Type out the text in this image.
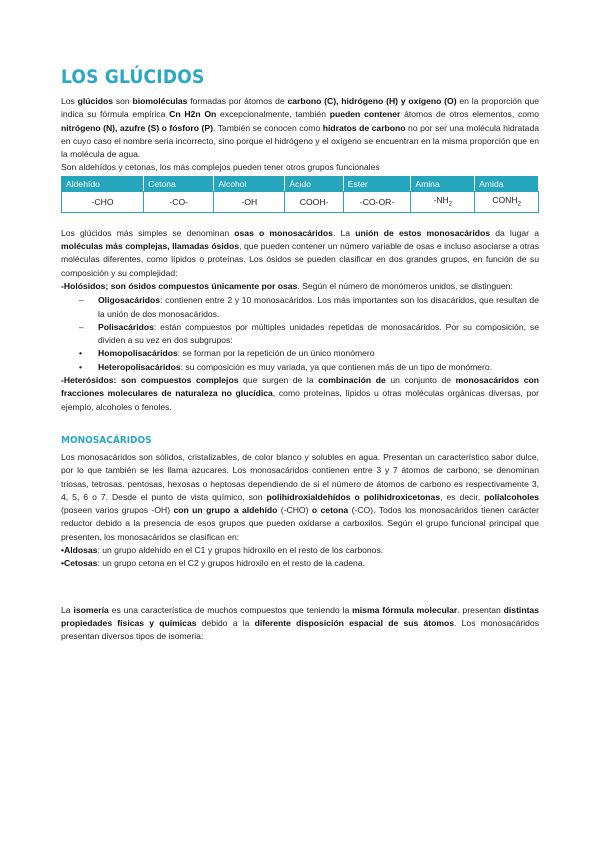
LOS GLÚCIDOS

Los glúcidos son biomoléculas formadas por átomos de carbono (C), hidrógeno (H) y oxígeno (O) en la proporción que indica su fórmula empírica Cn H2n On excepcionalmente, también pueden contener átomos de otros elementos, como nitrógeno (N), azufre (S) o fósforo (P). También se conocen como hidratos de carbono no por ser una molécula hidratada en cuyo caso el nombre seria incorrecto, sino porque el hidrógeno y el oxígeno se encuentran en la misma proporción que en la molécula de agua.

Son aldehídos y cetonas, los más complejos pueden tener otros grupos funcionales
Aldehído	Cetona	Alcohol	Ácido	Ester	Amina	Amida
-CHO	-CO-	-OH	COOH-	-CO-OR-	$-NH_2$	$CONH_2$

Los glúcidos más simples se denominan osas o monosacáridos. La unión de estos monosacáridos da lugar a moléculas más complejas, llamadas ósidos, que pueden contener un número variable de osas e incluso asociarse a otras moléculas diferentes, como lípidos o proteínas. Los ósidos se pueden clasificar en dos grandes grupos, en función de su composición y su complejidad:

-Holósidos; son ósidos compuestos únicamente por osas. Según el número de monómeros unidos, se distinguen:

– Oligosacáridos: contienen entre 2 y 10 monosacáridos. Los más importantes son los disacáridos, que resultan de la unión de dos monosacáridos.
– Polisacáridos: están compuestos por múltiples unidades repetidas de monosacáridos. Por su composición, se dividen a su vez en dos subgrupos:
• Homopolisacáridos: se forman por la repetición de un único monómero
• Heteropolisacáridos: su composición es muy variada, ya que contienen más de un tipo de monómero.

-Heterósidos: son compuestos complejos que surgen de la combinación de un conjunto de monosacáridos con fracciones moleculares de naturaleza no glucídica, como proteínas, lípidos u otras moléculas orgánicas diversas, por ejemplo, alcoholes o fenoles.

MONOSACÁRIDOS

Los monosacáridos son sólidos, cristalizables, de color blanco y solubles en agua. Presentan un característico sabor dulce, por lo que también se les llama azucares. Los monosacáridos contienen entre 3 y 7 átomos de carbono; se denominan triosas, tetrosas. pentosas, hexosas o heptosas dependiendo de si el número de átomos de carbono es respectivamente 3, 4, 5, 6 o 7. Desde el punto de vista químico, son polihidroxialdehídos o polihidroxicetonas, es decir, polialcoholes (poseen varios grupos -OH) con un grupo a aldehído (-CHO) o cetona (-CO). Todos los monosacáridos tienen carácter reductor debido a la presencia de esos grupos que pueden oxidarse a carboxilos. Según el grupo funcional principal que presenten, los monosacáridos se clasifican en:

•Aldosas: un grupo aldehido en el C1 y grupos hidroxilo en el resto de los carbonos.

•Cetosas: un grupo cetona en el C2 y grupos hidroxilo en el resto de la cadena.

La isomería es una característica de muchos compuestos que teniendo la misma fórmula molecular. presentan distintas propiedades físicas y químicas debido a la diferente disposición espacial de sus átomos. Los monosacáridos presentan diversos tipos de isomeria:
